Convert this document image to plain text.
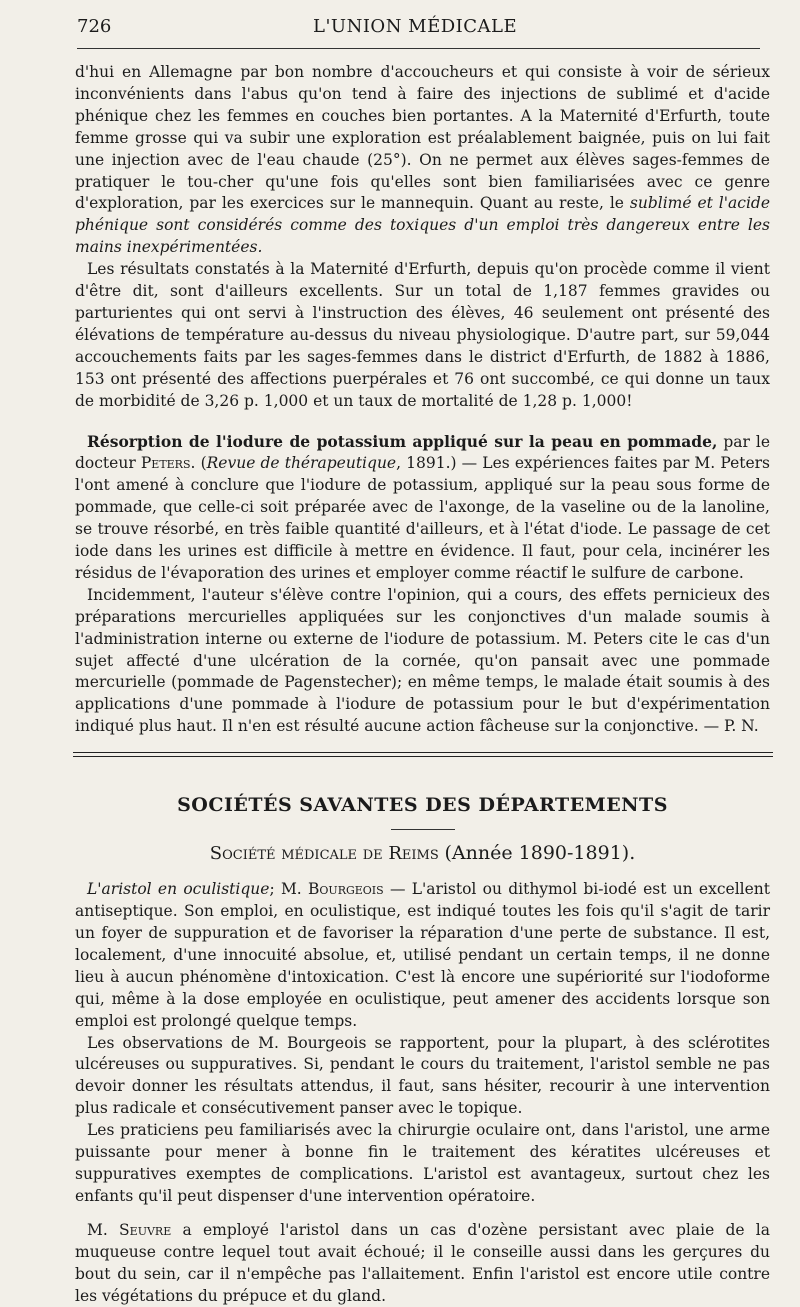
726	L'UNION MÉDICALE

d'hui en Allemagne par bon nombre d'accoucheurs et qui consiste à voir de sérieux inconvénients dans l'abus qu'on tend à faire des injections de sublimé et d'acide phénique chez les femmes en couches bien portantes. A la Maternité d'Erfurth, toute femme grosse qui va subir une exploration est préalablement baignée, puis on lui fait une injection avec de l'eau chaude (25°). On ne permet aux élèves sages-femmes de pratiquer le tou-cher qu'une fois qu'elles sont bien familiarisées avec ce genre d'exploration, par les exercices sur le mannequin. Quant au reste, le sublimé et l'acide phénique sont considérés comme des toxiques d'un emploi très dangereux entre les mains inexpérimentées.

Les résultats constatés à la Maternité d'Erfurth, depuis qu'on procède comme il vient d'être dit, sont d'ailleurs excellents. Sur un total de 1,187 femmes gravides ou parturientes qui ont servi à l'instruction des élèves, 46 seulement ont présenté des élévations de température au-dessus du niveau physiologique. D'autre part, sur 59,044 accouchements faits par les sages-femmes dans le district d'Erfurth, de 1882 à 1886, 153 ont présenté des affections puerpérales et 76 ont succombé, ce qui donne un taux de morbidité de 3,26 p. 1,000 et un taux de mortalité de 1,28 p. 1,000!

Résorption de l'iodure de potassium appliqué sur la peau en pommade, par le docteur Peters. (Revue de thérapeutique, 1891.) — Les expériences faites par M. Peters l'ont amené à conclure que l'iodure de potassium, appliqué sur la peau sous forme de pommade, que celle-ci soit préparée avec de l'axonge, de la vaseline ou de la lanoline, se trouve résorbé, en très faible quantité d'ailleurs, et à l'état d'iode. Le passage de cet iode dans les urines est difficile à mettre en évidence. Il faut, pour cela, incinérer les résidus de l'évaporation des urines et employer comme réactif le sulfure de carbone.

Incidemment, l'auteur s'élève contre l'opinion, qui a cours, des effets pernicieux des préparations mercurielles appliquées sur les conjonctives d'un malade soumis à l'administration interne ou externe de l'iodure de potassium. M. Peters cite le cas d'un sujet affecté d'une ulcération de la cornée, qu'on pansait avec une pommade mercurielle (pommade de Pagenstecher); en même temps, le malade était soumis à des applications d'une pommade à l'iodure de potassium pour le but d'expérimentation indiqué plus haut. Il n'en est résulté aucune action fâcheuse sur la conjonctive. — P. N.

SOCIÉTÉS SAVANTES DES DÉPARTEMENTS
Société médicale de Reims (Année 1890-1891).

L'aristol en oculistique; M. Bourgeois — L'aristol ou dithymol bi-iodé est un excellent antiseptique. Son emploi, en oculistique, est indiqué toutes les fois qu'il s'agit de tarir un foyer de suppuration et de favoriser la réparation d'une perte de substance. Il est, localement, d'une innocuité absolue, et, utilisé pendant un certain temps, il ne donne lieu à aucun phénomène d'intoxication. C'est là encore une supériorité sur l'iodoforme qui, même à la dose employée en oculistique, peut amener des accidents lorsque son emploi est prolongé quelque temps.

Les observations de M. Bourgeois se rapportent, pour la plupart, à des sclérotites ulcéreuses ou suppuratives. Si, pendant le cours du traitement, l'aristol semble ne pas devoir donner les résultats attendus, il faut, sans hésiter, recourir à une intervention plus radicale et consécutivement panser avec le topique.

Les praticiens peu familiarisés avec la chirurgie oculaire ont, dans l'aristol, une arme puissante pour mener à bonne fin le traitement des kératites ulcéreuses et suppuratives exemptes de complications. L'aristol est avantageux, surtout chez les enfants qu'il peut dispenser d'une intervention opératoire.

M. Seuvre a employé l'aristol dans un cas d'ozène persistant avec plaie de la muqueuse contre lequel tout avait échoué; il le conseille aussi dans les gerçures du bout du sein, car il n'empêche pas l'allaitement. Enfin l'aristol est encore utile contre les végétations du prépuce et du gland.
